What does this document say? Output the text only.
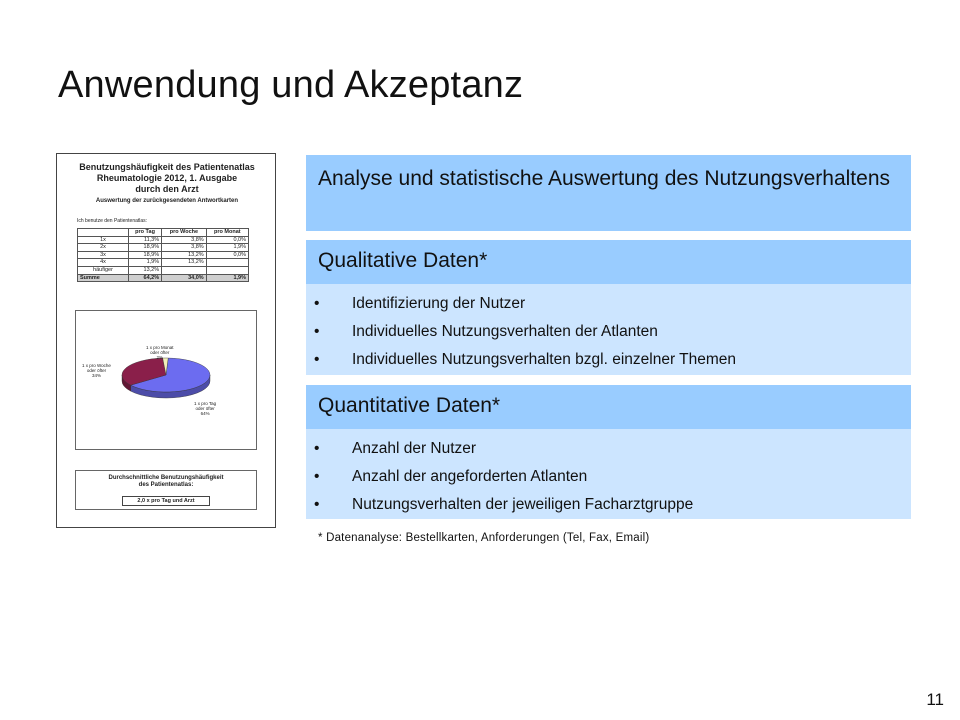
Anwendung und Akzeptanz
Benutzungshäufigkeit des Patientenatlas
Rheumatologie 2012, 1. Ausgabe
durch den Arzt
Auswertung der zurückgesendeten Antwortkarten
Ich benutze den Patientenatlas:
	pro Tag	pro Woche	pro Monat
1x	11,3%	3,8%	0,0%
2x	18,9%	3,8%	1,9%
3x	18,9%	13,2%	0,0%
4x	1,9%	13,2%	
häufiger	13,2%		
Summe	64,2%	34,0%	1,9%
1 x pro Monat
oder öfter
2%
1 x pro Woche
oder öfter
34%
1 x pro Tag
oder öfter
64%
Durchschnittliche Benutzungshäufigkeit
des Patientenatlas:
2,0 x pro Tag und Arzt
Analyse und statistische Auswertung des Nutzungsverhaltens
Qualitative Daten*
• Identifizierung der Nutzer
• Individuelles Nutzungsverhalten der Atlanten
• Individuelles Nutzungsverhalten bzgl. einzelner Themen
Quantitative Daten*
• Anzahl der Nutzer
• Anzahl der angeforderten Atlanten
• Nutzungsverhalten der jeweiligen Facharztgruppe
* Datenanalyse: Bestellkarten, Anforderungen (Tel, Fax, Email)
11
